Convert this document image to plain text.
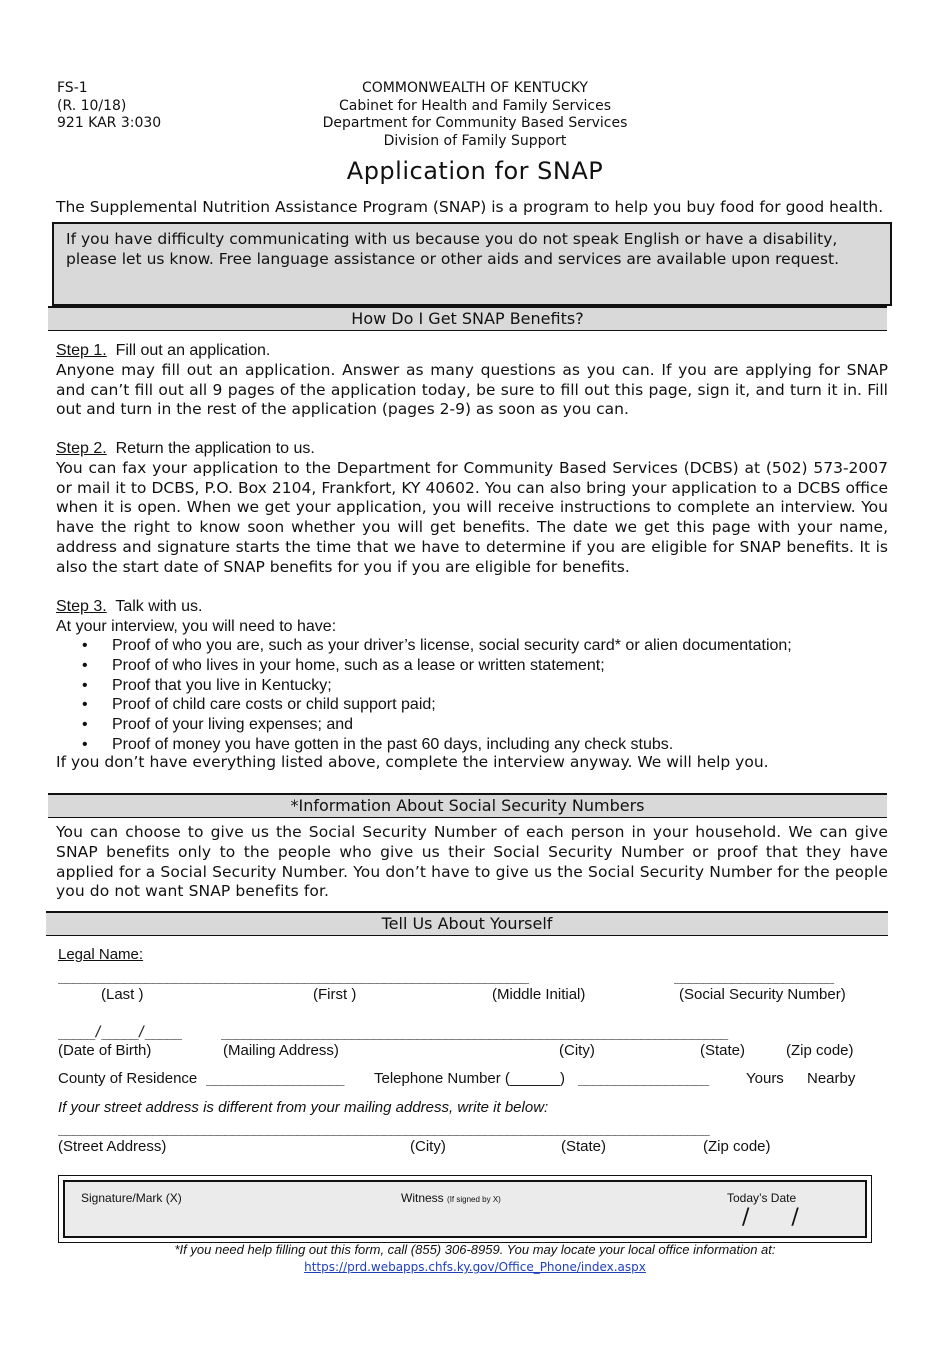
FS-1
(R. 10/18)
921 KAR 3:030
COMMONWEALTH OF KENTUCKY
Cabinet for Health and Family Services
Department for Community Based Services
Division of Family Support
Application for SNAP
The Supplemental Nutrition Assistance Program (SNAP) is a program to help you buy food for good health.
If you have difficulty communicating with us because you do not speak English or have a disability, please let us know. Free language assistance or other aids and services are available upon request.
How Do I Get SNAP Benefits?
Step 1. Fill out an application.
Anyone may fill out an application. Answer as many questions as you can. If you are applying for SNAP and can’t fill out all 9 pages of the application today, be sure to fill out this page, sign it, and turn it in. Fill out and turn in the rest of the application (pages 2-9) as soon as you can.
Step 2. Return the application to us.
You can fax your application to the Department for Community Based Services (DCBS) at (502) 573-2007 or mail it to DCBS, P.O. Box 2104, Frankfort, KY 40602. You can also bring your application to a DCBS office when it is open. When we get your application, you will receive instructions to complete an interview. You have the right to know soon whether you will get benefits. The date we get this page with your name, address and signature starts the time that we have to determine if you are eligible for SNAP benefits. It is also the start date of SNAP benefits for you if you are eligible for benefits.
Step 3. Talk with us.
At your interview, you will need to have:
• Proof of who you are, such as your driver’s license, social security card* or alien documentation;
• Proof of who lives in your home, such as a lease or written statement;
• Proof that you live in Kentucky;
• Proof of child care costs or child support paid;
• Proof of your living expenses; and
• Proof of money you have gotten in the past 60 days, including any check stubs.
If you don’t have everything listed above, complete the interview anyway. We will help you.
*Information About Social Security Numbers
You can choose to give us the Social Security Number of each person in your household. We can give SNAP benefits only to the people who give us their Social Security Number or proof that they have applied for a Social Security Number. You don’t have to give us the Social Security Number for the people you do not want SNAP benefits for.
Tell Us About Yourself
Legal Name:
_________________________________________________________________	______________________
(Last )	(First )	(Middle Initial)	(Social Security Number)
_____/_____/_____	______________________________________________________________________
(Date of Birth)	(Mailing Address)	(City)	(State)	(Zip code)
County of Residence ___________________ Telephone Number (______) __________________	Yours Nearby
If your street address is different from your mailing address, write it below:
__________________________________________________________________________________________
(Street Address)	(City)	(State)	(Zip code)
Signature/Mark (X)	Witness (If signed by X)	Today’s Date
/      /
*If you need help filling out this form, call (855) 306-8959. You may locate your local office information at:
https://prd.webapps.chfs.ky.gov/Office_Phone/index.aspx
